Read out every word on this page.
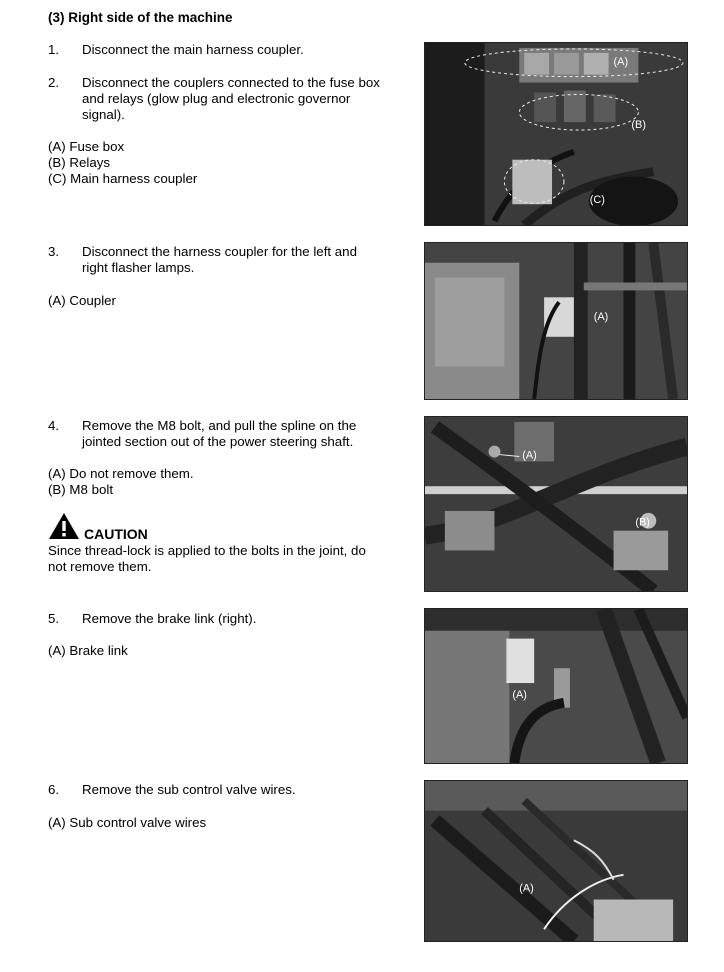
(3) Right side of the machine
1.	Disconnect the main harness coupler.
2.	Disconnect the couplers connected to the fuse box and relays (glow plug and electronic governor signal).
(A) Fuse box
(B) Relays
(C) Main harness coupler
(A)
(B)
(C)
3.	Disconnect the harness coupler for the left and right flasher lamps.
(A) Coupler
(A)
4.	Remove the M8 bolt, and pull the spline on the jointed section out of the power steering shaft.
(A) Do not remove them.
(B) M8 bolt
CAUTION
Since thread-lock is applied to the bolts in the joint, do not remove them.
(A)
(B)
5.	Remove the brake link (right).
(A) Brake link
(A)
6.	Remove the sub control valve wires.
(A) Sub control valve wires
(A)
